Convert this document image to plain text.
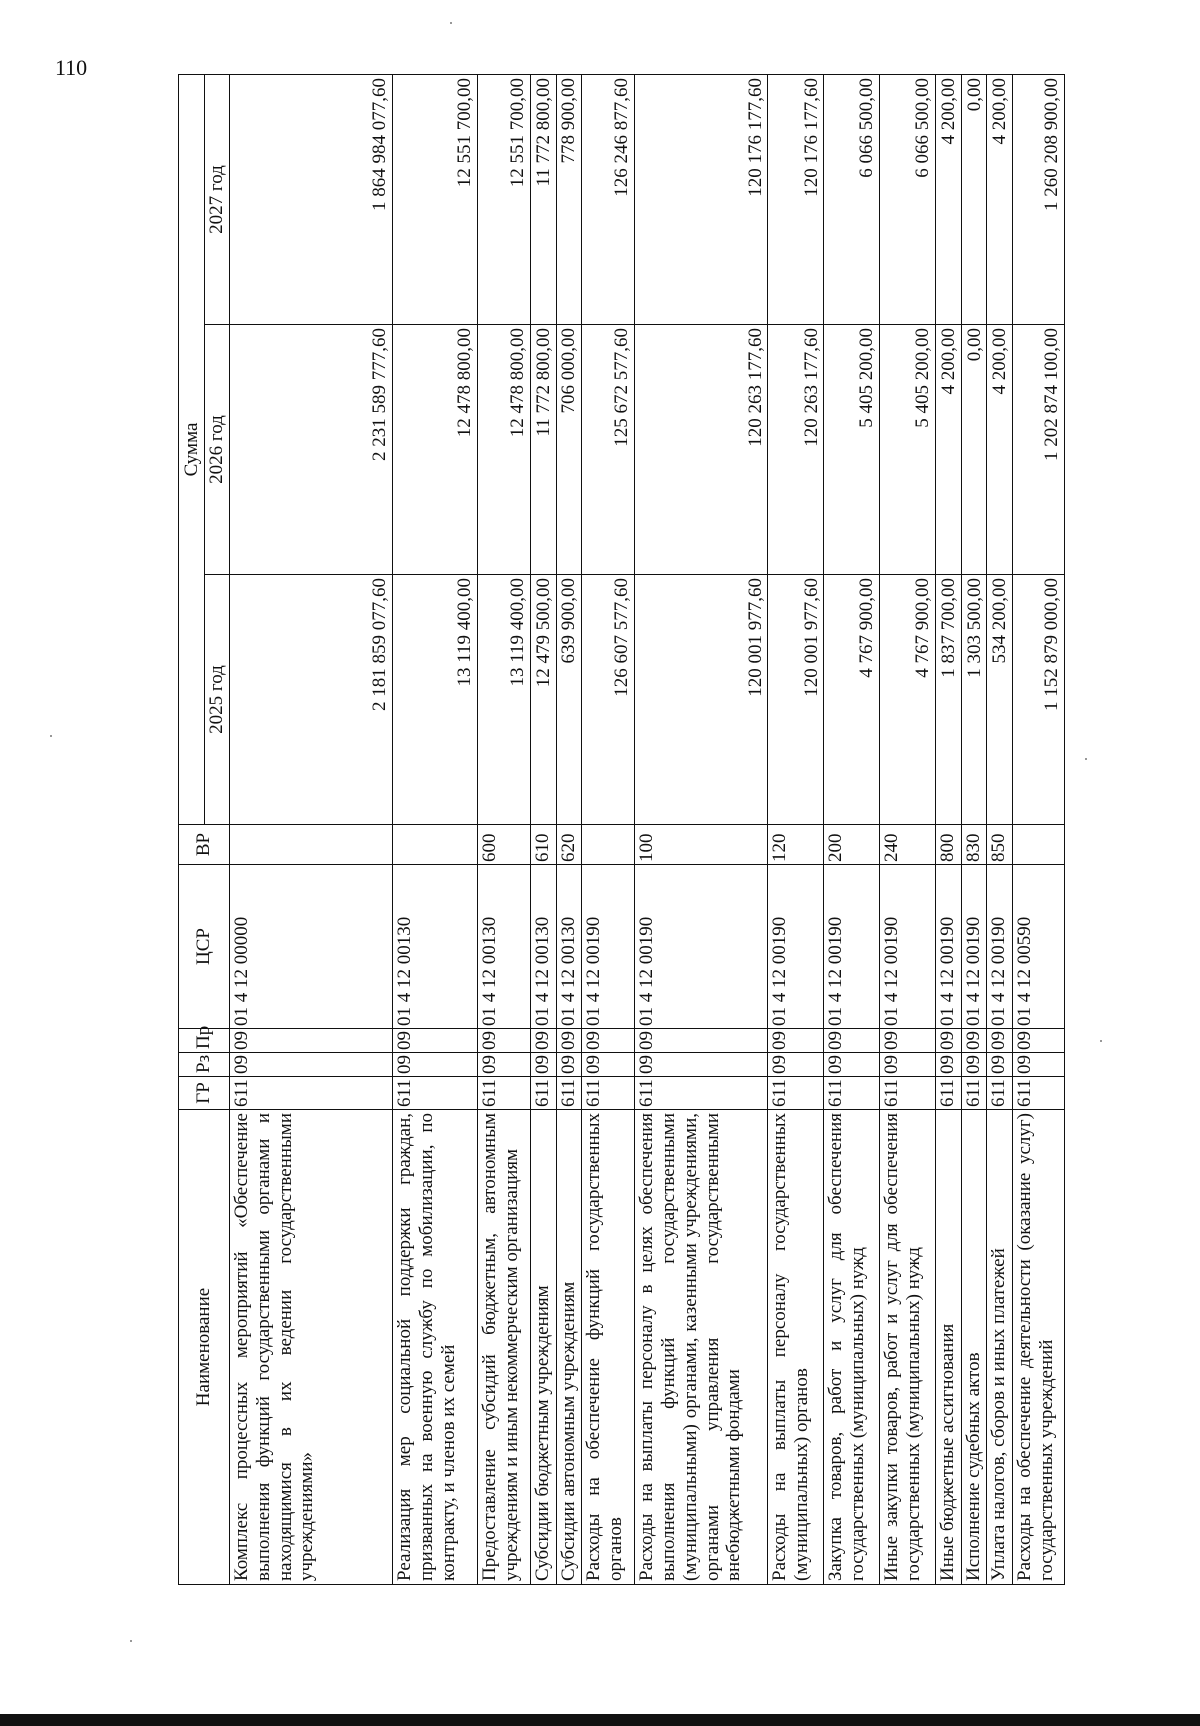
110
Наименование	ГР	Рз	Пр	ЦСР	ВР	Сумма		
						2025 год	2026 год	2027 год
Комплекс процессных мероприятий «Обеспечение выполнения функций государственными органами и находящимися в их ведении государственными учреждениями»	611	09	09	01 4 12 00000		2 181 859 077,60	2 231 589 777,60	1 864 984 077,60
Реализация мер социальной поддержки граждан, призванных на военную службу по мобилизации, по контракту, и членов их семей	611	09	09	01 4 12 00130		13 119 400,00	12 478 800,00	12 551 700,00
Предоставление субсидий бюджетным, автономным учреждениям и иным некоммерческим организациям	611	09	09	01 4 12 00130	600	13 119 400,00	12 478 800,00	12 551 700,00
Субсидии бюджетным учреждениям	611	09	09	01 4 12 00130	610	12 479 500,00	11 772 800,00	11 772 800,00
Субсидии автономным учреждениям	611	09	09	01 4 12 00130	620	639 900,00	706 000,00	778 900,00
Расходы на обеспечение функций государственных органов	611	09	09	01 4 12 00190		126 607 577,60	125 672 577,60	126 246 877,60
Расходы на выплаты персоналу в целях обеспечения выполнения функций государственными (муниципальными) органами, казенными учреждениями, органами управления государственными внебюджетными фондами	611	09	09	01 4 12 00190	100	120 001 977,60	120 263 177,60	120 176 177,60
Расходы на выплаты персоналу государственных (муниципальных) органов	611	09	09	01 4 12 00190	120	120 001 977,60	120 263 177,60	120 176 177,60
Закупка товаров, работ и услуг для обеспечения государственных (муниципальных) нужд	611	09	09	01 4 12 00190	200	4 767 900,00	5 405 200,00	6 066 500,00
Иные закупки товаров, работ и услуг для обеспечения государственных (муниципальных) нужд	611	09	09	01 4 12 00190	240	4 767 900,00	5 405 200,00	6 066 500,00
Иные бюджетные ассигнования	611	09	09	01 4 12 00190	800	1 837 700,00	4 200,00	4 200,00
Исполнение судебных актов	611	09	09	01 4 12 00190	830	1 303 500,00	0,00	0,00
Уплата налогов, сборов и иных платежей	611	09	09	01 4 12 00190	850	534 200,00	4 200,00	4 200,00
Расходы на обеспечение деятельности (оказание услуг) государственных учреждений	611	09	09	01 4 12 00590		1 152 879 000,00	1 202 874 100,00	1 260 208 900,00
